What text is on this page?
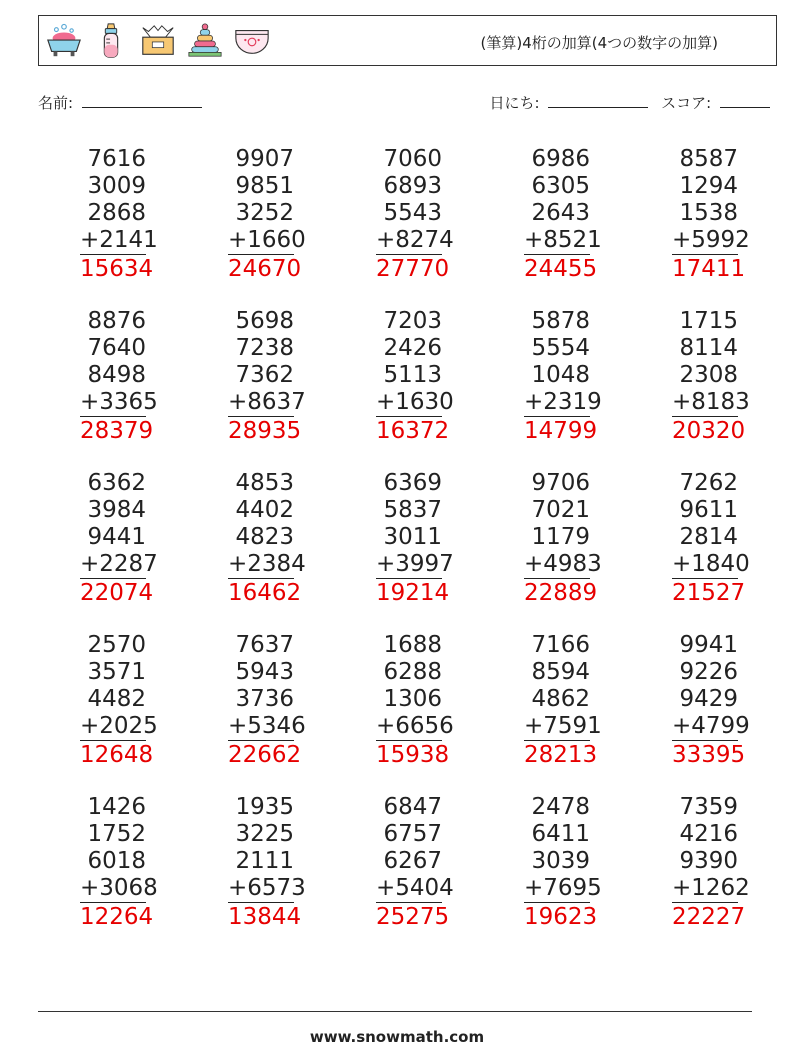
(筆算)4桁の加算(4つの数字の加算)
名前:	日にち:	スコア:
7616
3009
2868
+2141
15634
9907
9851
3252
+1660
24670
7060
6893
5543
+8274
27770
6986
6305
2643
+8521
24455
8587
1294
1538
+5992
17411
8876
7640
8498
+3365
28379
5698
7238
7362
+8637
28935
7203
2426
5113
+1630
16372
5878
5554
1048
+2319
14799
1715
8114
2308
+8183
20320
6362
3984
9441
+2287
22074
4853
4402
4823
+2384
16462
6369
5837
3011
+3997
19214
9706
7021
1179
+4983
22889
7262
9611
2814
+1840
21527
2570
3571
4482
+2025
12648
7637
5943
3736
+5346
22662
1688
6288
1306
+6656
15938
7166
8594
4862
+7591
28213
9941
9226
9429
+4799
33395
1426
1752
6018
+3068
12264
1935
3225
2111
+6573
13844
6847
6757
6267
+5404
25275
2478
6411
3039
+7695
19623
7359
4216
9390
+1262
22227
www.snowmath.com
